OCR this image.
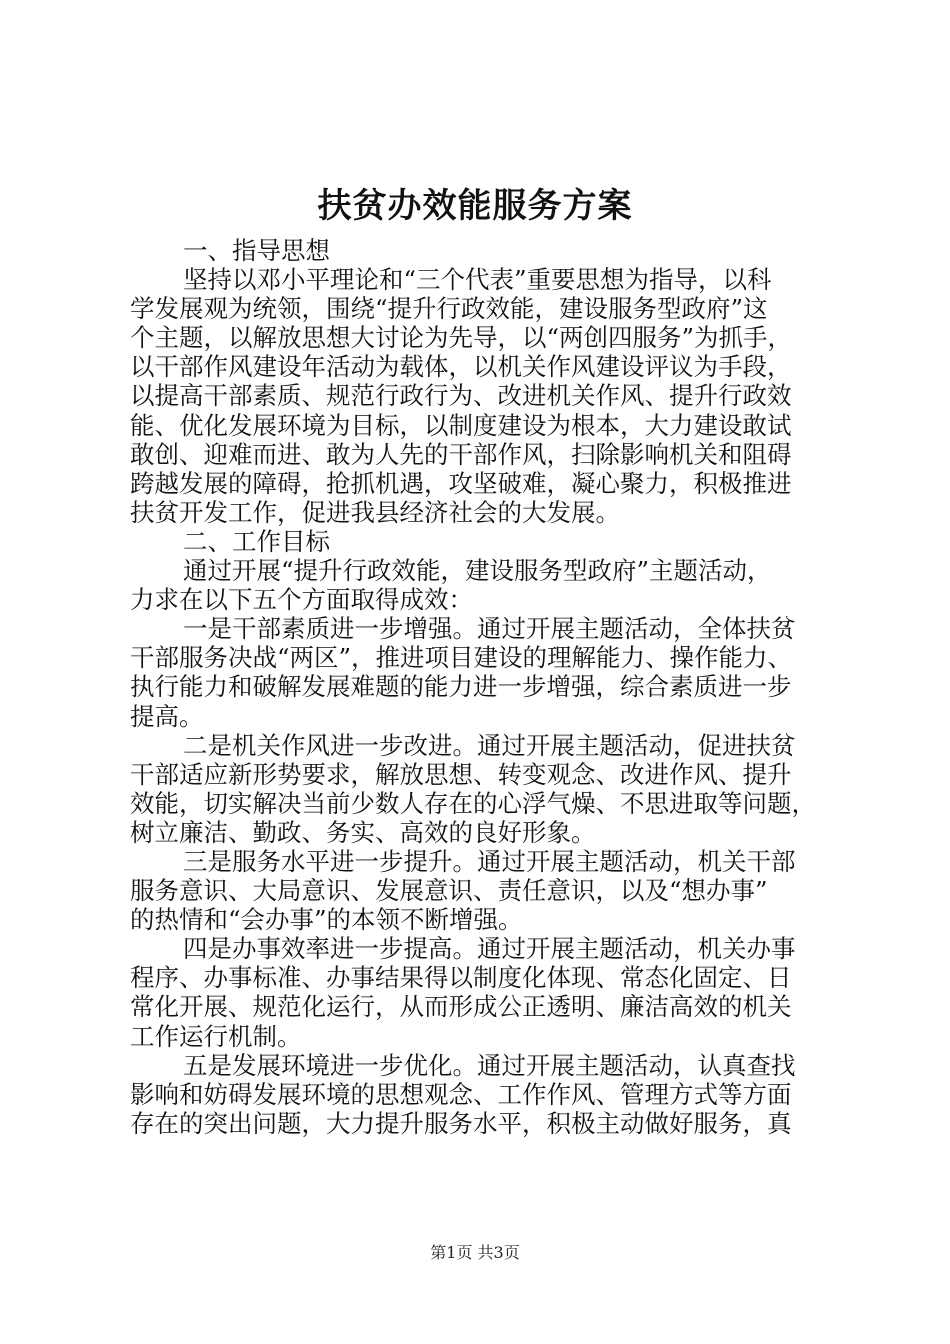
扶贫办效能服务方案
一、指导思想
坚持以邓小平理论和“三个代表”重要思想为指导，以科
学发展观为统领，围绕“提升行政效能，建设服务型政府”这
个主题，以解放思想大讨论为先导，以“两创四服务”为抓手，
以干部作风建设年活动为载体，以机关作风建设评议为手段，
以提高干部素质、规范行政行为、改进机关作风、提升行政效
能、优化发展环境为目标，以制度建设为根本，大力建设敢试
敢创、迎难而进、敢为人先的干部作风，扫除影响机关和阻碍
跨越发展的障碍，抢抓机遇，攻坚破难，凝心聚力，积极推进
扶贫开发工作，促进我县经济社会的大发展。
二、工作目标
通过开展“提升行政效能，建设服务型政府”主题活动，
力求在以下五个方面取得成效：
一是干部素质进一步增强。通过开展主题活动，全体扶贫
干部服务决战“两区”，推进项目建设的理解能力、操作能力、
执行能力和破解发展难题的能力进一步增强，综合素质进一步
提高。
二是机关作风进一步改进。通过开展主题活动，促进扶贫
干部适应新形势要求，解放思想、转变观念、改进作风、提升
效能，切实解决当前少数人存在的心浮气燥、不思进取等问题，
树立廉洁、勤政、务实、高效的良好形象。
三是服务水平进一步提升。通过开展主题活动，机关干部
服务意识、大局意识、发展意识、责任意识，以及“想办事”
的热情和“会办事”的本领不断增强。
四是办事效率进一步提高。通过开展主题活动，机关办事
程序、办事标准、办事结果得以制度化体现、常态化固定、日
常化开展、规范化运行，从而形成公正透明、廉洁高效的机关
工作运行机制。
五是发展环境进一步优化。通过开展主题活动，认真查找
影响和妨碍发展环境的思想观念、工作作风、管理方式等方面
存在的突出问题，大力提升服务水平，积极主动做好服务，真
第1页 共3页
